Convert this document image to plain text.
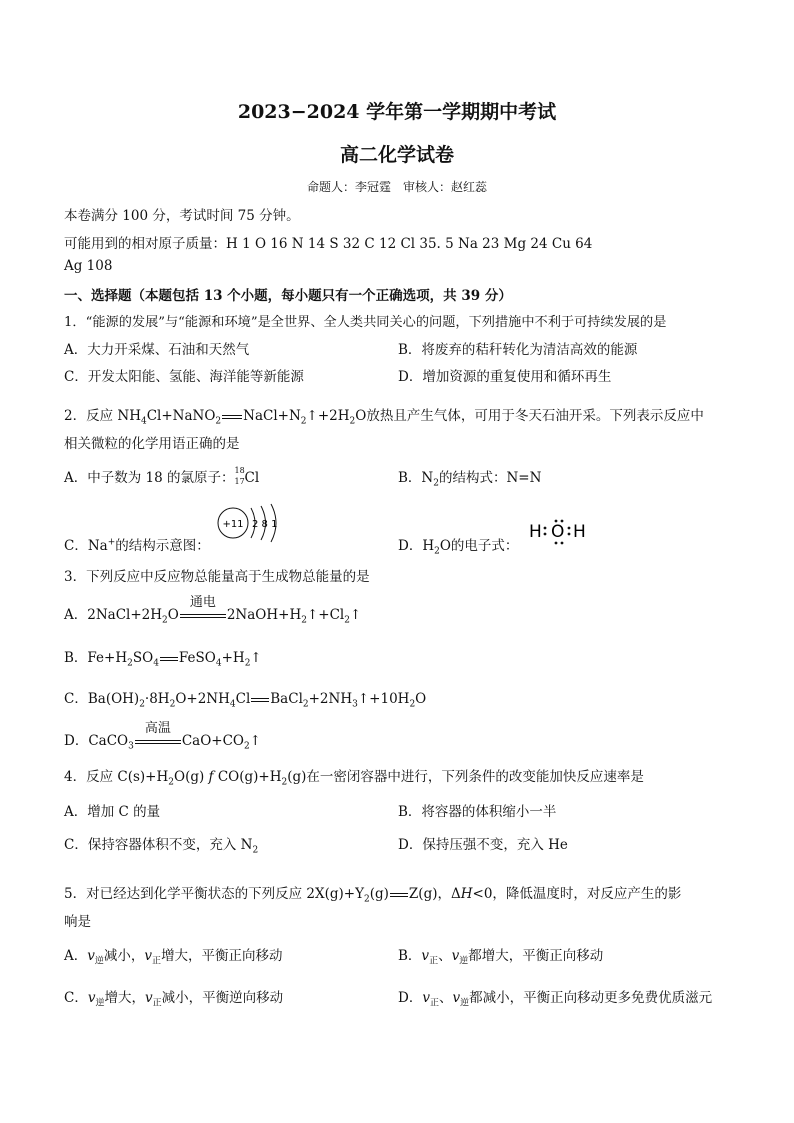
2023−2024 学年第一学期期中考试
高二化学试卷
命题人：李冠霆　审核人：赵红蕊
本卷满分 100 分，考试时间 75 分钟。
可能用到的相对原子质量：H 1 O 16 N 14 S 32 C 12 Cl 35. 5 Na 23 Mg 24 Cu 64
Ag 108
一、选择题（本题包括 13 个小题，每小题只有一个正确选项，共 39 分）
1．“能源的发展”与“能源和环境”是全世界、全人类共同关心的问题，下列措施中不利于可持续发展的是
A．大力开采煤、石油和天然气	B．将废弃的秸秆转化为清洁高效的能源
C．开发太阳能、氢能、海洋能等新能源	D．增加资源的重复使用和循环再生
2．反应 $NH_4Cl+NaNO_2$ $NaCl+N_2↑+2H_2O$放热且产生气体，可用于冬天石油开采。下列表示反应中
相关微粒的化学用语正确的是
A．中子数为 18 的氯原子： 18
17 Cl	B．$N_2$的结构式：N=N
C．Na+的结构示意图：
+11 2 8 1
D．$H_2O$的电子式：
H O H
3．下列反应中反应物总能量高于生成物总能量的是
A．$2NaCl+2H_2O$
通电
$2NaOH+H_2↑+Cl_2↑$
B．$Fe+H_2SO_4$ $FeSO_4+H_2↑$
C．$Ba(OH)_2\cdot 8H_2O+2NH_4Cl$ $BaCl_2+2NH_3↑+10H_2O$
D．CaCO$_3$
高温
$CaO+CO_2↑$
4．反应 $C(s)+H_2O(g)$ f $CO(g)+H_2(g)$在一密闭容器中进行，下列条件的改变能加快反应速率是
A．增加 C 的量	B．将容器的体积缩小一半
C．保持容器体积不变，充入 $N_2$	D．保持压强不变，充入 He
5．对已经达到化学平衡状态的下列反应 $2X(g)+Y_2(g)$ Z(g)，ΔH<0，降低温度时，对反应产生的影
响是
A．$v_逆$减小，$v_正$增大，平衡正向移动	B．$v_正$、$v_逆$都增大，平衡正向移动
C．$v_逆$增大，$v_正$减小，平衡逆向移动	D．$v_正$、$v_逆$都减小，平衡正向移动更多免费优质滋元
